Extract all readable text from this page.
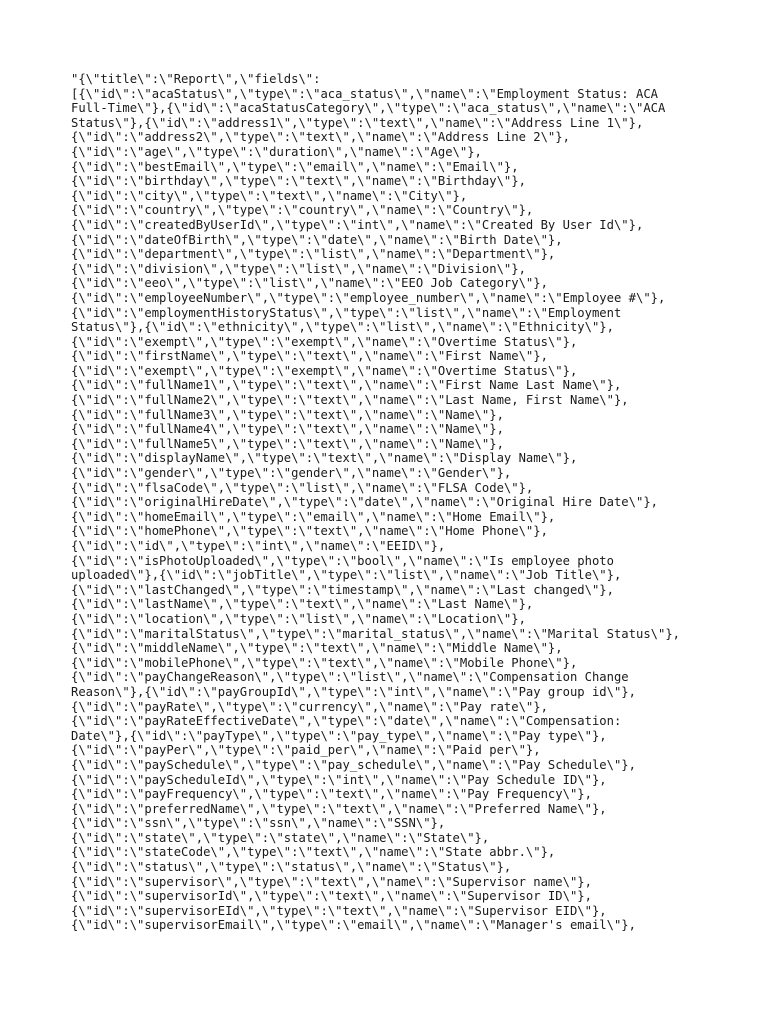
"{\"title\":\"Report\",\"fields\":
[{\"id\":\"acaStatus\",\"type\":\"aca_status\",\"name\":\"Employment Status: ACA
Full-Time\"},{\"id\":\"acaStatusCategory\",\"type\":\"aca_status\",\"name\":\"ACA
Status\"},{\"id\":\"address1\",\"type\":\"text\",\"name\":\"Address Line 1\"},
{\"id\":\"address2\",\"type\":\"text\",\"name\":\"Address Line 2\"},
{\"id\":\"age\",\"type\":\"duration\",\"name\":\"Age\"},
{\"id\":\"bestEmail\",\"type\":\"email\",\"name\":\"Email\"},
{\"id\":\"birthday\",\"type\":\"text\",\"name\":\"Birthday\"},
{\"id\":\"city\",\"type\":\"text\",\"name\":\"City\"},
{\"id\":\"country\",\"type\":\"country\",\"name\":\"Country\"},
{\"id\":\"createdByUserId\",\"type\":\"int\",\"name\":\"Created By User Id\"},
{\"id\":\"dateOfBirth\",\"type\":\"date\",\"name\":\"Birth Date\"},
{\"id\":\"department\",\"type\":\"list\",\"name\":\"Department\"},
{\"id\":\"division\",\"type\":\"list\",\"name\":\"Division\"},
{\"id\":\"eeo\",\"type\":\"list\",\"name\":\"EEO Job Category\"},
{\"id\":\"employeeNumber\",\"type\":\"employee_number\",\"name\":\"Employee #\"},
{\"id\":\"employmentHistoryStatus\",\"type\":\"list\",\"name\":\"Employment
Status\"},{\"id\":\"ethnicity\",\"type\":\"list\",\"name\":\"Ethnicity\"},
{\"id\":\"exempt\",\"type\":\"exempt\",\"name\":\"Overtime Status\"},
{\"id\":\"firstName\",\"type\":\"text\",\"name\":\"First Name\"},
{\"id\":\"exempt\",\"type\":\"exempt\",\"name\":\"Overtime Status\"},
{\"id\":\"fullName1\",\"type\":\"text\",\"name\":\"First Name Last Name\"},
{\"id\":\"fullName2\",\"type\":\"text\",\"name\":\"Last Name, First Name\"},
{\"id\":\"fullName3\",\"type\":\"text\",\"name\":\"Name\"},
{\"id\":\"fullName4\",\"type\":\"text\",\"name\":\"Name\"},
{\"id\":\"fullName5\",\"type\":\"text\",\"name\":\"Name\"},
{\"id\":\"displayName\",\"type\":\"text\",\"name\":\"Display Name\"},
{\"id\":\"gender\",\"type\":\"gender\",\"name\":\"Gender\"},
{\"id\":\"flsaCode\",\"type\":\"list\",\"name\":\"FLSA Code\"},
{\"id\":\"originalHireDate\",\"type\":\"date\",\"name\":\"Original Hire Date\"},
{\"id\":\"homeEmail\",\"type\":\"email\",\"name\":\"Home Email\"},
{\"id\":\"homePhone\",\"type\":\"text\",\"name\":\"Home Phone\"},
{\"id\":\"id\",\"type\":\"int\",\"name\":\"EEID\"},
{\"id\":\"isPhotoUploaded\",\"type\":\"bool\",\"name\":\"Is employee photo
uploaded\"},{\"id\":\"jobTitle\",\"type\":\"list\",\"name\":\"Job Title\"},
{\"id\":\"lastChanged\",\"type\":\"timestamp\",\"name\":\"Last changed\"},
{\"id\":\"lastName\",\"type\":\"text\",\"name\":\"Last Name\"},
{\"id\":\"location\",\"type\":\"list\",\"name\":\"Location\"},
{\"id\":\"maritalStatus\",\"type\":\"marital_status\",\"name\":\"Marital Status\"},
{\"id\":\"middleName\",\"type\":\"text\",\"name\":\"Middle Name\"},
{\"id\":\"mobilePhone\",\"type\":\"text\",\"name\":\"Mobile Phone\"},
{\"id\":\"payChangeReason\",\"type\":\"list\",\"name\":\"Compensation Change
Reason\"},{\"id\":\"payGroupId\",\"type\":\"int\",\"name\":\"Pay group id\"},
{\"id\":\"payRate\",\"type\":\"currency\",\"name\":\"Pay rate\"},
{\"id\":\"payRateEffectiveDate\",\"type\":\"date\",\"name\":\"Compensation:
Date\"},{\"id\":\"payType\",\"type\":\"pay_type\",\"name\":\"Pay type\"},
{\"id\":\"payPer\",\"type\":\"paid_per\",\"name\":\"Paid per\"},
{\"id\":\"paySchedule\",\"type\":\"pay_schedule\",\"name\":\"Pay Schedule\"},
{\"id\":\"payScheduleId\",\"type\":\"int\",\"name\":\"Pay Schedule ID\"},
{\"id\":\"payFrequency\",\"type\":\"text\",\"name\":\"Pay Frequency\"},
{\"id\":\"preferredName\",\"type\":\"text\",\"name\":\"Preferred Name\"},
{\"id\":\"ssn\",\"type\":\"ssn\",\"name\":\"SSN\"},
{\"id\":\"state\",\"type\":\"state\",\"name\":\"State\"},
{\"id\":\"stateCode\",\"type\":\"text\",\"name\":\"State abbr.\"},
{\"id\":\"status\",\"type\":\"status\",\"name\":\"Status\"},
{\"id\":\"supervisor\",\"type\":\"text\",\"name\":\"Supervisor name\"},
{\"id\":\"supervisorId\",\"type\":\"text\",\"name\":\"Supervisor ID\"},
{\"id\":\"supervisorEId\",\"type\":\"text\",\"name\":\"Supervisor EID\"},
{\"id\":\"supervisorEmail\",\"type\":\"email\",\"name\":\"Manager's email\"},
